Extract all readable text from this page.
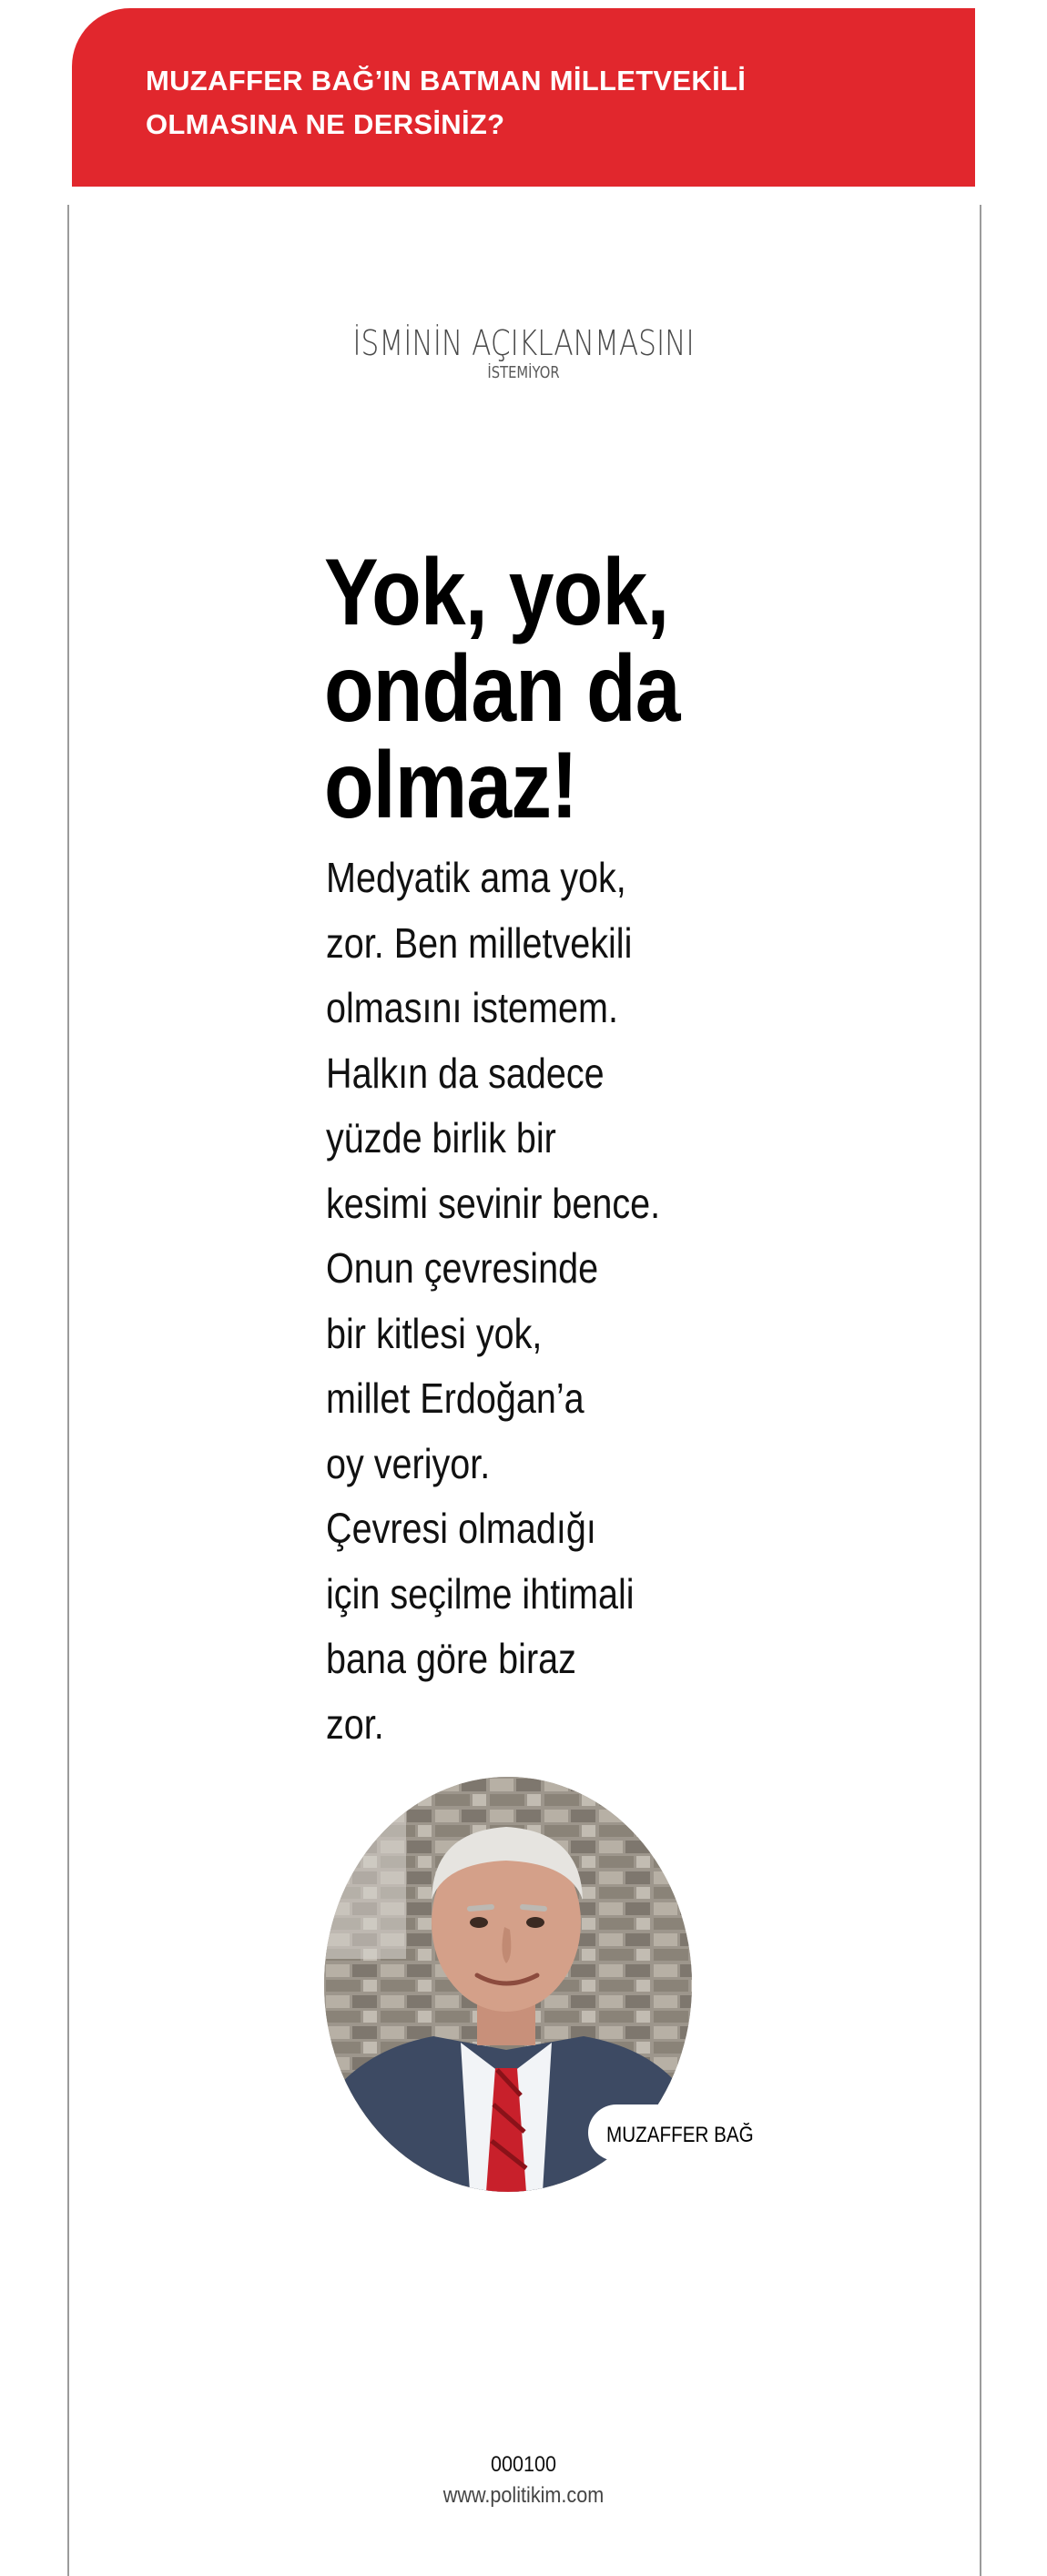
MUZAFFER BAĞ’IN BATMAN MİLLETVEKİLİ OLMASINA NE DERSİNİZ?
İSMİNİN AÇIKLANMASINI
İSTEMİYOR
Yok, yok, ondan da olmaz!
Medyatik ama yok,
zor. Ben milletvekili
olmasını istemem.
Halkın da sadece
yüzde birlik bir
kesimi sevinir bence.
Onun çevresinde
bir kitlesi yok,
millet Erdoğan’a
oy veriyor.
Çevresi olmadığı
için seçilme ihtimali
bana göre biraz
zor.
MUZAFFER BAĞ
000100
www.politikim.com
